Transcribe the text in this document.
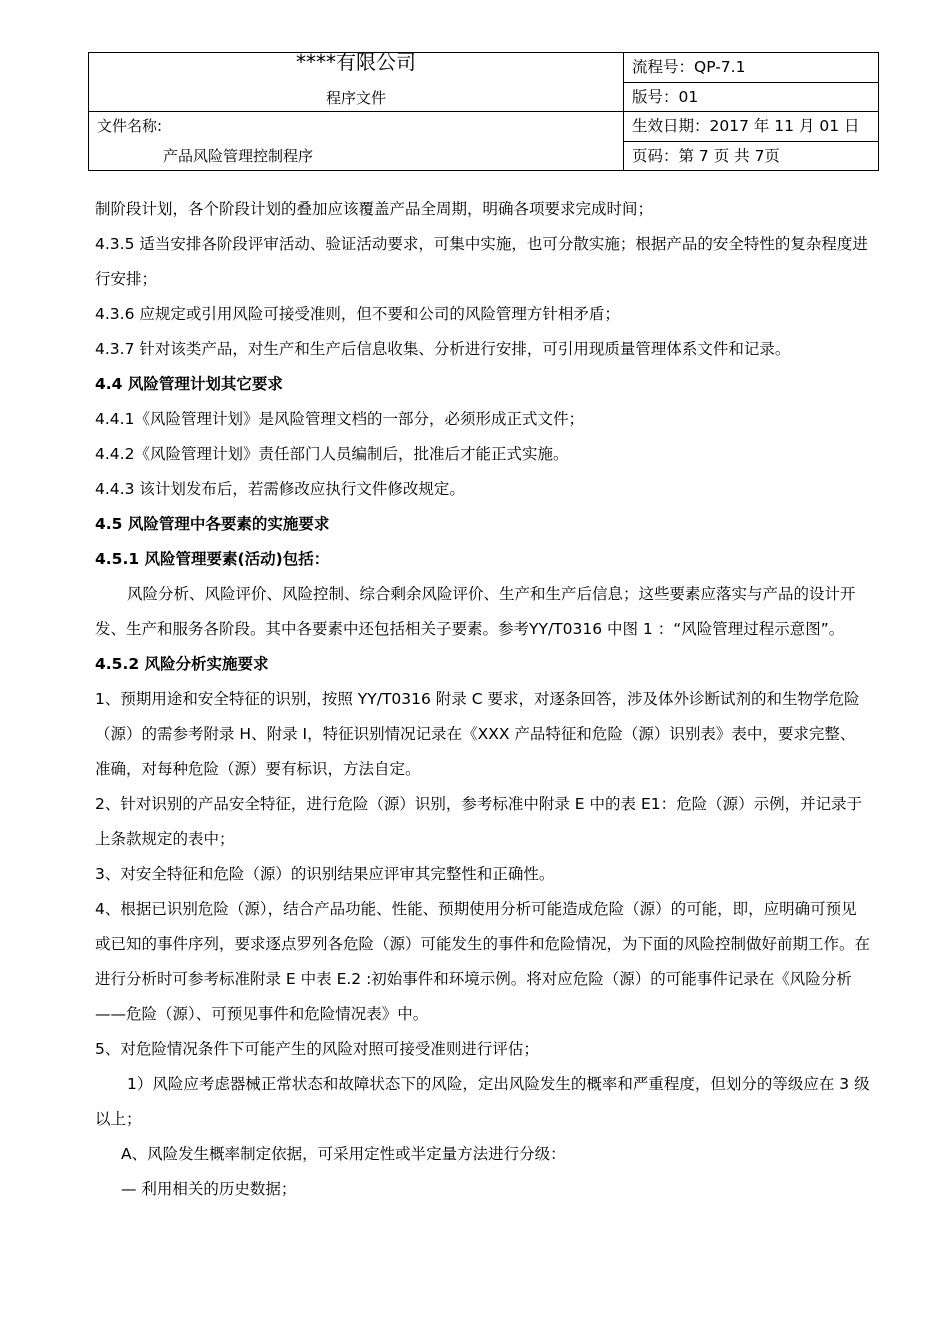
****有限公司
程序文件	流程号：QP-7.1

	版号：01

文件名称:
产品风险管理控制程序	生效日期：2017 年 11 月 01 日

	页码：第 7 页 共 7页

制阶段计划，各个阶段计划的叠加应该覆盖产品全周期，明确各项要求完成时间；

4.3.5 适当安排各阶段评审活动、验证活动要求，可集中实施，也可分散实施；根据产品的安全特性的复杂程度进行安排；

4.3.6 应规定或引用风险可接受准则，但不要和公司的风险管理方针相矛盾；

4.3.7 针对该类产品，对生产和生产后信息收集、分析进行安排，可引用现质量管理体系文件和记录。

4.4 风险管理计划其它要求

4.4.1《风险管理计划》是风险管理文档的一部分，必须形成正式文件；

4.4.2《风险管理计划》责任部门人员编制后，批准后才能正式实施。

4.4.3 该计划发布后，若需修改应执行文件修改规定。

4.5 风险管理中各要素的实施要求

4.5.1 风险管理要素(活动)包括：

风险分析、风险评价、风险控制、综合剩余风险评价、生产和生产后信息；这些要素应落实与产品的设计开发、生产和服务各阶段。其中各要素中还包括相关子要素。参考YY/T0316 中图 1 ：“风险管理过程示意图”。

4.5.2 风险分析实施要求

1、预期用途和安全特征的识别，按照 YY/T0316 附录 C 要求，对逐条回答，涉及体外诊断试剂的和生物学危险（源）的需参考附录 H、附录 I，特征识别情况记录在《XXX 产品特征和危险（源）识别表》表中，要求完整、准确，对每种危险（源）要有标识，方法自定。

2、针对识别的产品安全特征，进行危险（源）识别，参考标准中附录 E 中的表 E1：危险（源）示例，并记录于上条款规定的表中；

3、对安全特征和危险（源）的识别结果应评审其完整性和正确性。

4、根据已识别危险（源），结合产品功能、性能、预期使用分析可能造成危险（源）的可能，即，应明确可预见或已知的事件序列，要求逐点罗列各危险（源）可能发生的事件和危险情况，为下面的风险控制做好前期工作。在进行分析时可参考标准附录 E 中表 E.2 :初始事件和环境示例。将对应危险（源）的可能事件记录在《风险分析——危险（源）、可预见事件和危险情况表》中。

5、对危险情况条件下可能产生的风险对照可接受准则进行评估；

1）风险应考虑器械正常状态和故障状态下的风险，定出风险发生的概率和严重程度，但划分的等级应在 3 级以上；

A、风险发生概率制定依据，可采用定性或半定量方法进行分级：

— 利用相关的历史数据；
